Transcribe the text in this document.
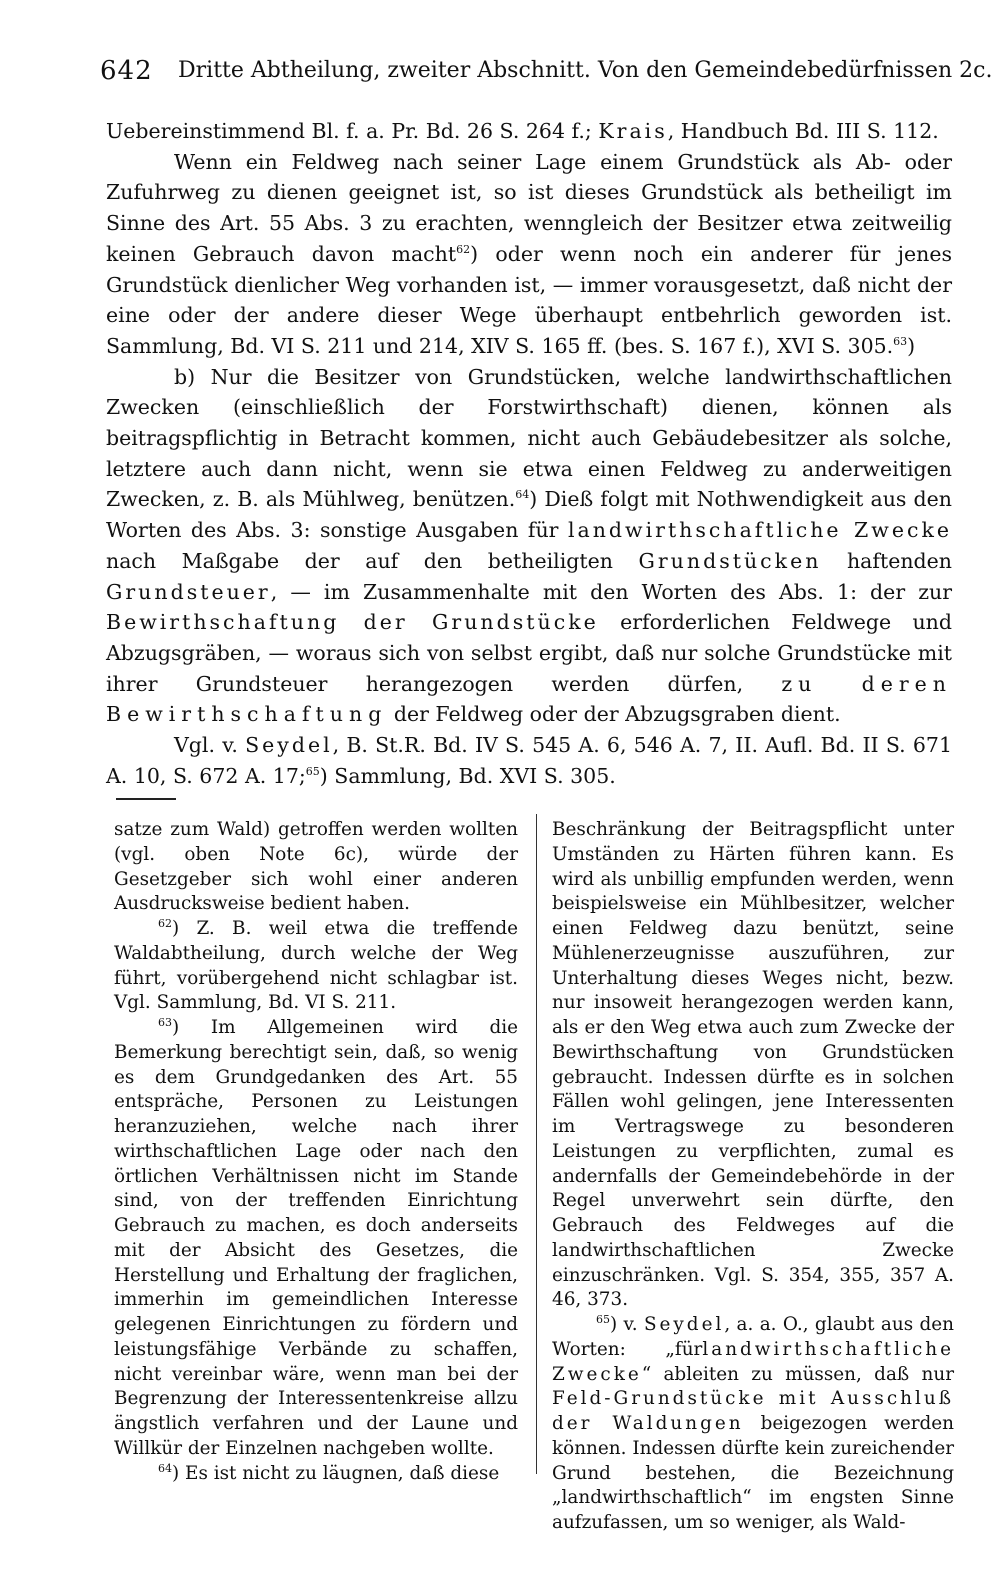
642 Dritte Abtheilung, zweiter Abschnitt. Von den Gemeindebedürfnissen 2c.

Uebereinstimmend Bl. f. a. Pr. Bd. 26 S. 264 f.; Krais, Handbuch Bd. III S. 112.

Wenn ein Feldweg nach seiner Lage einem Grundstück als Ab- oder Zufuhrweg zu dienen geeignet ist, so ist dieses Grundstück als betheiligt im Sinne des Art. 55 Abs. 3 zu erachten, wenngleich der Besitzer etwa zeitweilig keinen Gebrauch davon macht$^{62}$) oder wenn noch ein anderer für jenes Grundstück dienlicher Weg vorhanden ist, — immer vorausgesetzt, daß nicht der eine oder der andere dieser Wege überhaupt entbehrlich geworden ist. Sammlung, Bd. VI S. 211 und 214, XIV S. 165 ff. (bes. S. 167 f.), XVI S. 305.63)

b) Nur die Besitzer von Grundstücken, welche landwirthschaftlichen Zwecken (einschließlich der Forstwirthschaft) dienen, können als beitragspflichtig in Betracht kommen, nicht auch Gebäudebesitzer als solche, letztere auch dann nicht, wenn sie etwa einen Feldweg zu anderweitigen Zwecken, z. B. als Mühlweg, benützen.$^{64}$) Dieß folgt mit Nothwendigkeit aus den Worten des Abs. 3: sonstige Ausgaben für landwirthschaftliche Zwecke nach Maßgabe der auf den betheiligten Grundstücken haftenden Grundsteuer, — im Zusammenhalte mit den Worten des Abs. 1: der zur Bewirthschaftung der Grundstücke erforderlichen Feldwege und Abzugsgräben, — woraus sich von selbst ergibt, daß nur solche Grundstücke mit ihrer Grundsteuer herangezogen werden dürfen, zu deren Bewirthschaftung der Feldweg oder der Abzugsgraben dient.

Vgl. v. Seydel, B. St.R. Bd. IV S. 545 A. 6, 546 A. 7, II. Aufl. Bd. II S. 671 A. 10, S. 672 A. 17;$^{65}$) Sammlung, Bd. XVI S. 305.

satze zum Wald) getroffen werden wollten (vgl. oben Note 6c), würde der Gesetzgeber sich wohl einer anderen Ausdrucksweise bedient haben.

$^{62}$) Z. B. weil etwa die treffende Waldabtheilung, durch welche der Weg führt, vorübergehend nicht schlagbar ist. Vgl. Sammlung, Bd. VI S. 211.

$^{63}$) Im Allgemeinen wird die Bemerkung berechtigt sein, daß, so wenig es dem Grundgedanken des Art. 55 entspräche, Personen zu Leistungen heranzuziehen, welche nach ihrer wirthschaftlichen Lage oder nach den örtlichen Verhältnissen nicht im Stande sind, von der treffenden Einrichtung Gebrauch zu machen, es doch anderseits mit der Absicht des Gesetzes, die Herstellung und Erhaltung der fraglichen, immerhin im gemeindlichen Interesse gelegenen Einrichtungen zu fördern und leistungsfähige Verbände zu schaffen, nicht vereinbar wäre, wenn man bei der Begrenzung der Interessentenkreise allzu ängstlich verfahren und der Laune und Willkür der Einzelnen nachgeben wollte.

$^{64}$) Es ist nicht zu läugnen, daß diese

Beschränkung der Beitragspflicht unter Umständen zu Härten führen kann. Es wird als unbillig empfunden werden, wenn beispielsweise ein Mühlbesitzer, welcher einen Feldweg dazu benützt, seine Mühlenerzeugnisse auszuführen, zur Unterhaltung dieses Weges nicht, bezw. nur insoweit herangezogen werden kann, als er den Weg etwa auch zum Zwecke der Bewirthschaftung von Grundstücken gebraucht. Indessen dürfte es in solchen Fällen wohl gelingen, jene Interessenten im Vertragswege zu besonderen Leistungen zu verpflichten, zumal es andernfalls der Gemeindebehörde in der Regel unverwehrt sein dürfte, den Gebrauch des Feldweges auf die landwirthschaftlichen Zwecke einzuschränken. Vgl. S. 354, 355, 357 A. 46, 373.

$^{65}$) v. Seydel, a. a. O., glaubt aus den Worten: „fürlandwirthschaftliche Zwecke“ ableiten zu müssen, daß nur Feld-Grundstücke mit Ausschluß der Waldungen beigezogen werden können. Indessen dürfte kein zureichender Grund bestehen, die Bezeichnung „landwirthschaftlich“ im engsten Sinne aufzufassen, um so weniger, als Wald-
